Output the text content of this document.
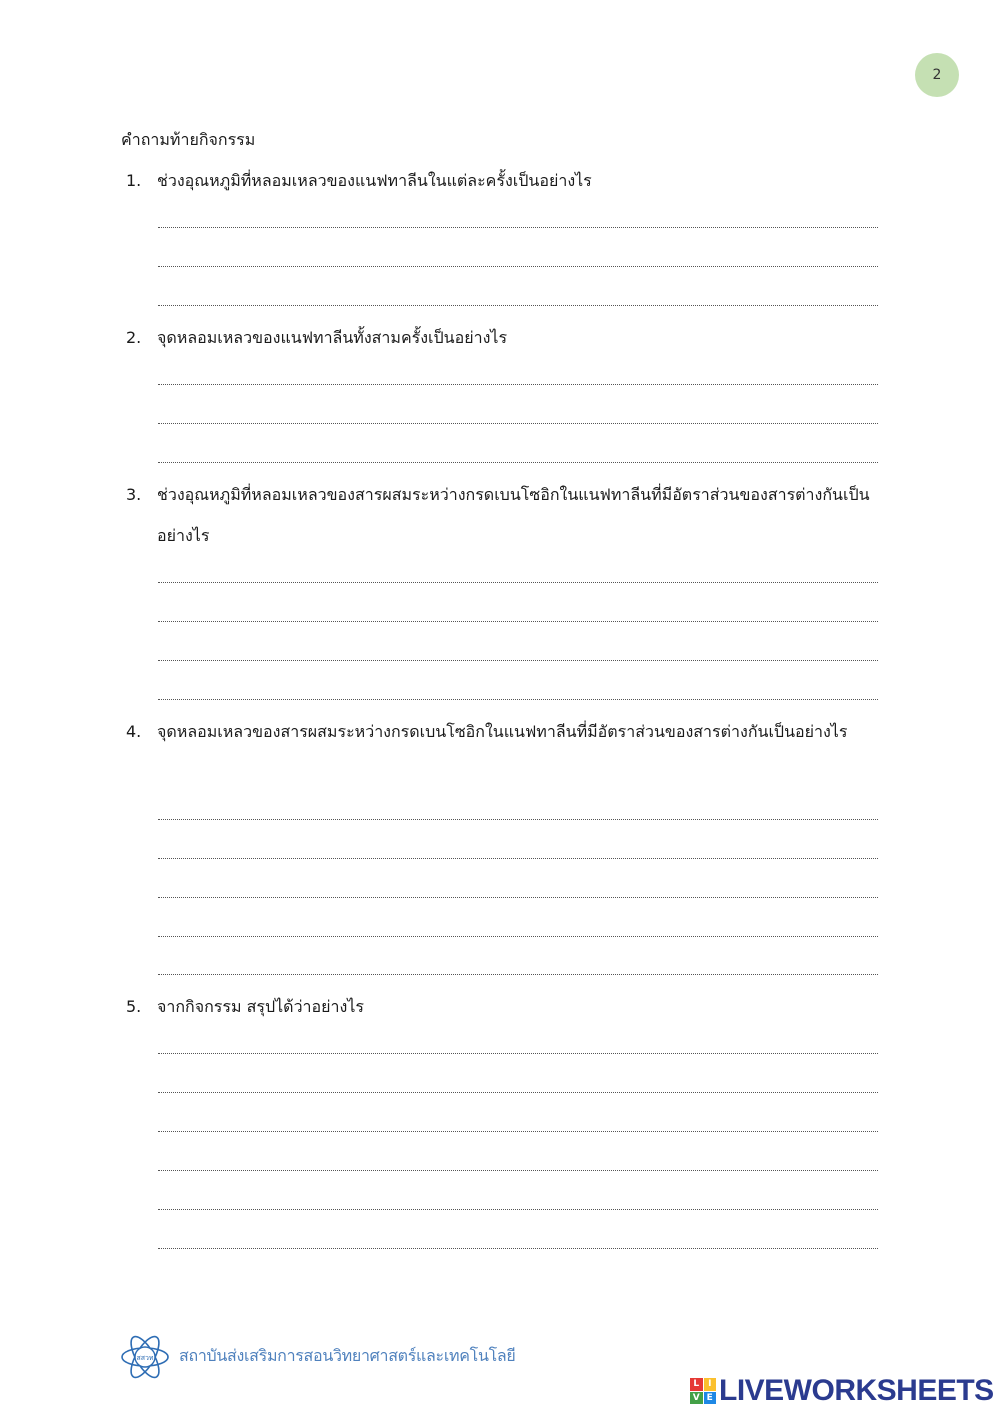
2
คำถามท้ายกิจกรรม
1. ช่วงอุณหภูมิที่หลอมเหลวของแนฟทาลีนในแต่ละครั้งเป็นอย่างไร
2. จุดหลอมเหลวของแนฟทาลีนทั้งสามครั้งเป็นอย่างไร
3. ช่วงอุณหภูมิที่หลอมเหลวของสารผสมระหว่างกรดเบนโซอิกในแนฟทาลีนที่มีอัตราส่วนของสารต่างกันเป็นอย่างไร
4. จุดหลอมเหลวของสารผสมระหว่างกรดเบนโซอิกในแนฟทาลีนที่มีอัตราส่วนของสารต่างกันเป็นอย่างไร
5. จากกิจกรรม สรุปได้ว่าอย่างไร
สสวท สถาบันส่งเสริมการสอนวิทยาศาสตร์และเทคโนโลยี
L I
V E LIVEWORKSHEETS
